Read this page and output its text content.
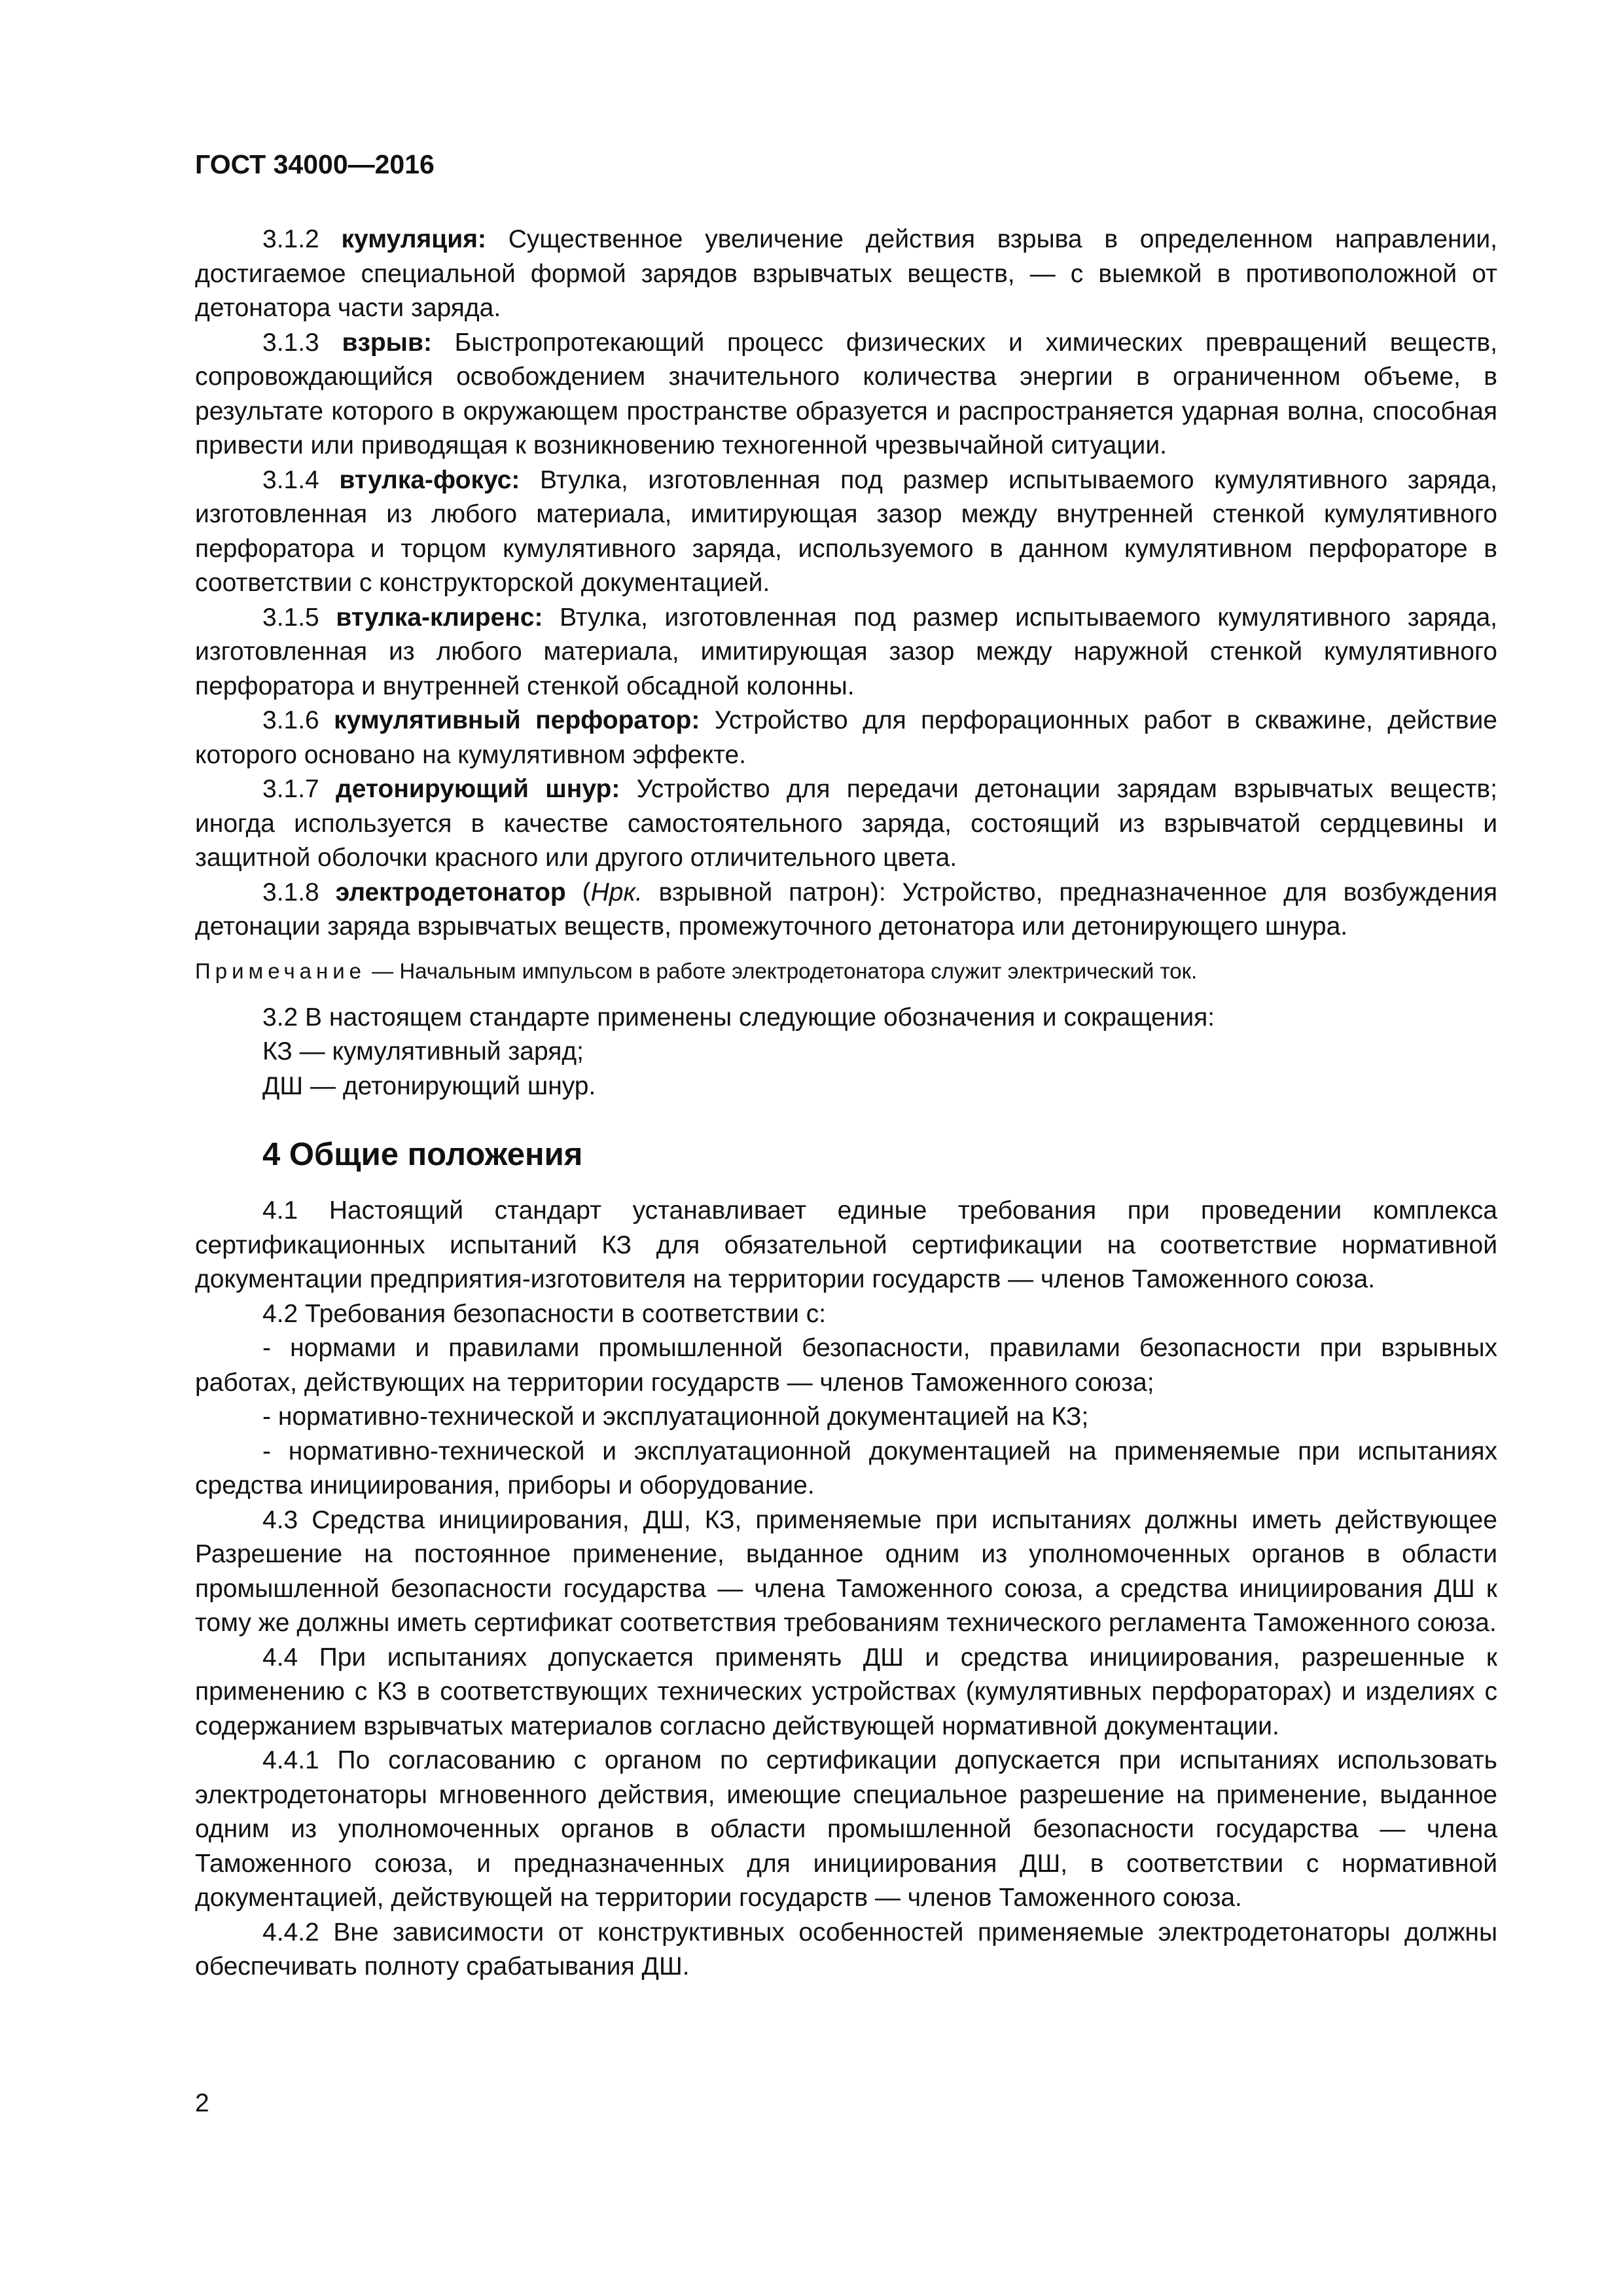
ГОСТ 34000—2016

3.1.2 кумуляция: Существенное увеличение действия взрыва в определенном направлении, достигаемое специальной формой зарядов взрывчатых веществ, — с выемкой в противоположной от детонатора части заряда.

3.1.3 взрыв: Быстропротекающий процесс физических и химических превращений веществ, сопровождающийся освобождением значительного количества энергии в ограниченном объеме, в результате которого в окружающем пространстве образуется и распространяется ударная волна, способная привести или приводящая к возникновению техногенной чрезвычайной ситуации.

3.1.4 втулка-фокус: Втулка, изготовленная под размер испытываемого кумулятивного заряда, изготовленная из любого материала, имитирующая зазор между внутренней стенкой кумулятивного перфоратора и торцом кумулятивного заряда, используемого в данном кумулятивном перфораторе в соответствии с конструкторской документацией.

3.1.5 втулка-клиренс: Втулка, изготовленная под размер испытываемого кумулятивного заряда, изготовленная из любого материала, имитирующая зазор между наружной стенкой кумулятивного перфоратора и внутренней стенкой обсадной колонны.

3.1.6 кумулятивный перфоратор: Устройство для перфорационных работ в скважине, действие которого основано на кумулятивном эффекте.

3.1.7 детонирующий шнур: Устройство для передачи детонации зарядам взрывчатых веществ; иногда используется в качестве самостоятельного заряда, состоящий из взрывчатой сердцевины и защитной оболочки красного или другого отличительного цвета.

3.1.8 электродетонатор (Нрк. взрывной патрон): Устройство, предназначенное для возбуждения детонации заряда взрывчатых веществ, промежуточного детонатора или детонирующего шнура.

Примечание — Начальным импульсом в работе электродетонатора служит электрический ток.

3.2 В настоящем стандарте применены следующие обозначения и сокращения:

КЗ — кумулятивный заряд;

ДШ — детонирующий шнур.

4 Общие положения

4.1 Настоящий стандарт устанавливает единые требования при проведении комплекса сертификационных испытаний КЗ для обязательной сертификации на соответствие нормативной документации предприятия-изготовителя на территории государств — членов Таможенного союза.

4.2 Требования безопасности в соответствии с:

- нормами и правилами промышленной безопасности, правилами безопасности при взрывных работах, действующих на территории государств — членов Таможенного союза;

- нормативно-технической и эксплуатационной документацией на КЗ;

- нормативно-технической и эксплуатационной документацией на применяемые при испытаниях средства инициирования, приборы и оборудование.

4.3 Средства инициирования, ДШ, КЗ, применяемые при испытаниях должны иметь действующее Разрешение на постоянное применение, выданное одним из уполномоченных органов в области промышленной безопасности государства — члена Таможенного союза, а средства инициирования ДШ к тому же должны иметь сертификат соответствия требованиям технического регламента Таможенного союза.

4.4 При испытаниях допускается применять ДШ и средства инициирования, разрешенные к применению с КЗ в соответствующих технических устройствах (кумулятивных перфораторах) и изделиях с содержанием взрывчатых материалов согласно действующей нормативной документации.

4.4.1 По согласованию с органом по сертификации допускается при испытаниях использовать электродетонаторы мгновенного действия, имеющие специальное разрешение на применение, выданное одним из уполномоченных органов в области промышленной безопасности государства — члена Таможенного союза, и предназначенных для инициирования ДШ, в соответствии с нормативной документацией, действующей на территории государств — членов Таможенного союза.

4.4.2 Вне зависимости от конструктивных особенностей применяемые электродетонаторы должны обеспечивать полноту срабатывания ДШ.

2
